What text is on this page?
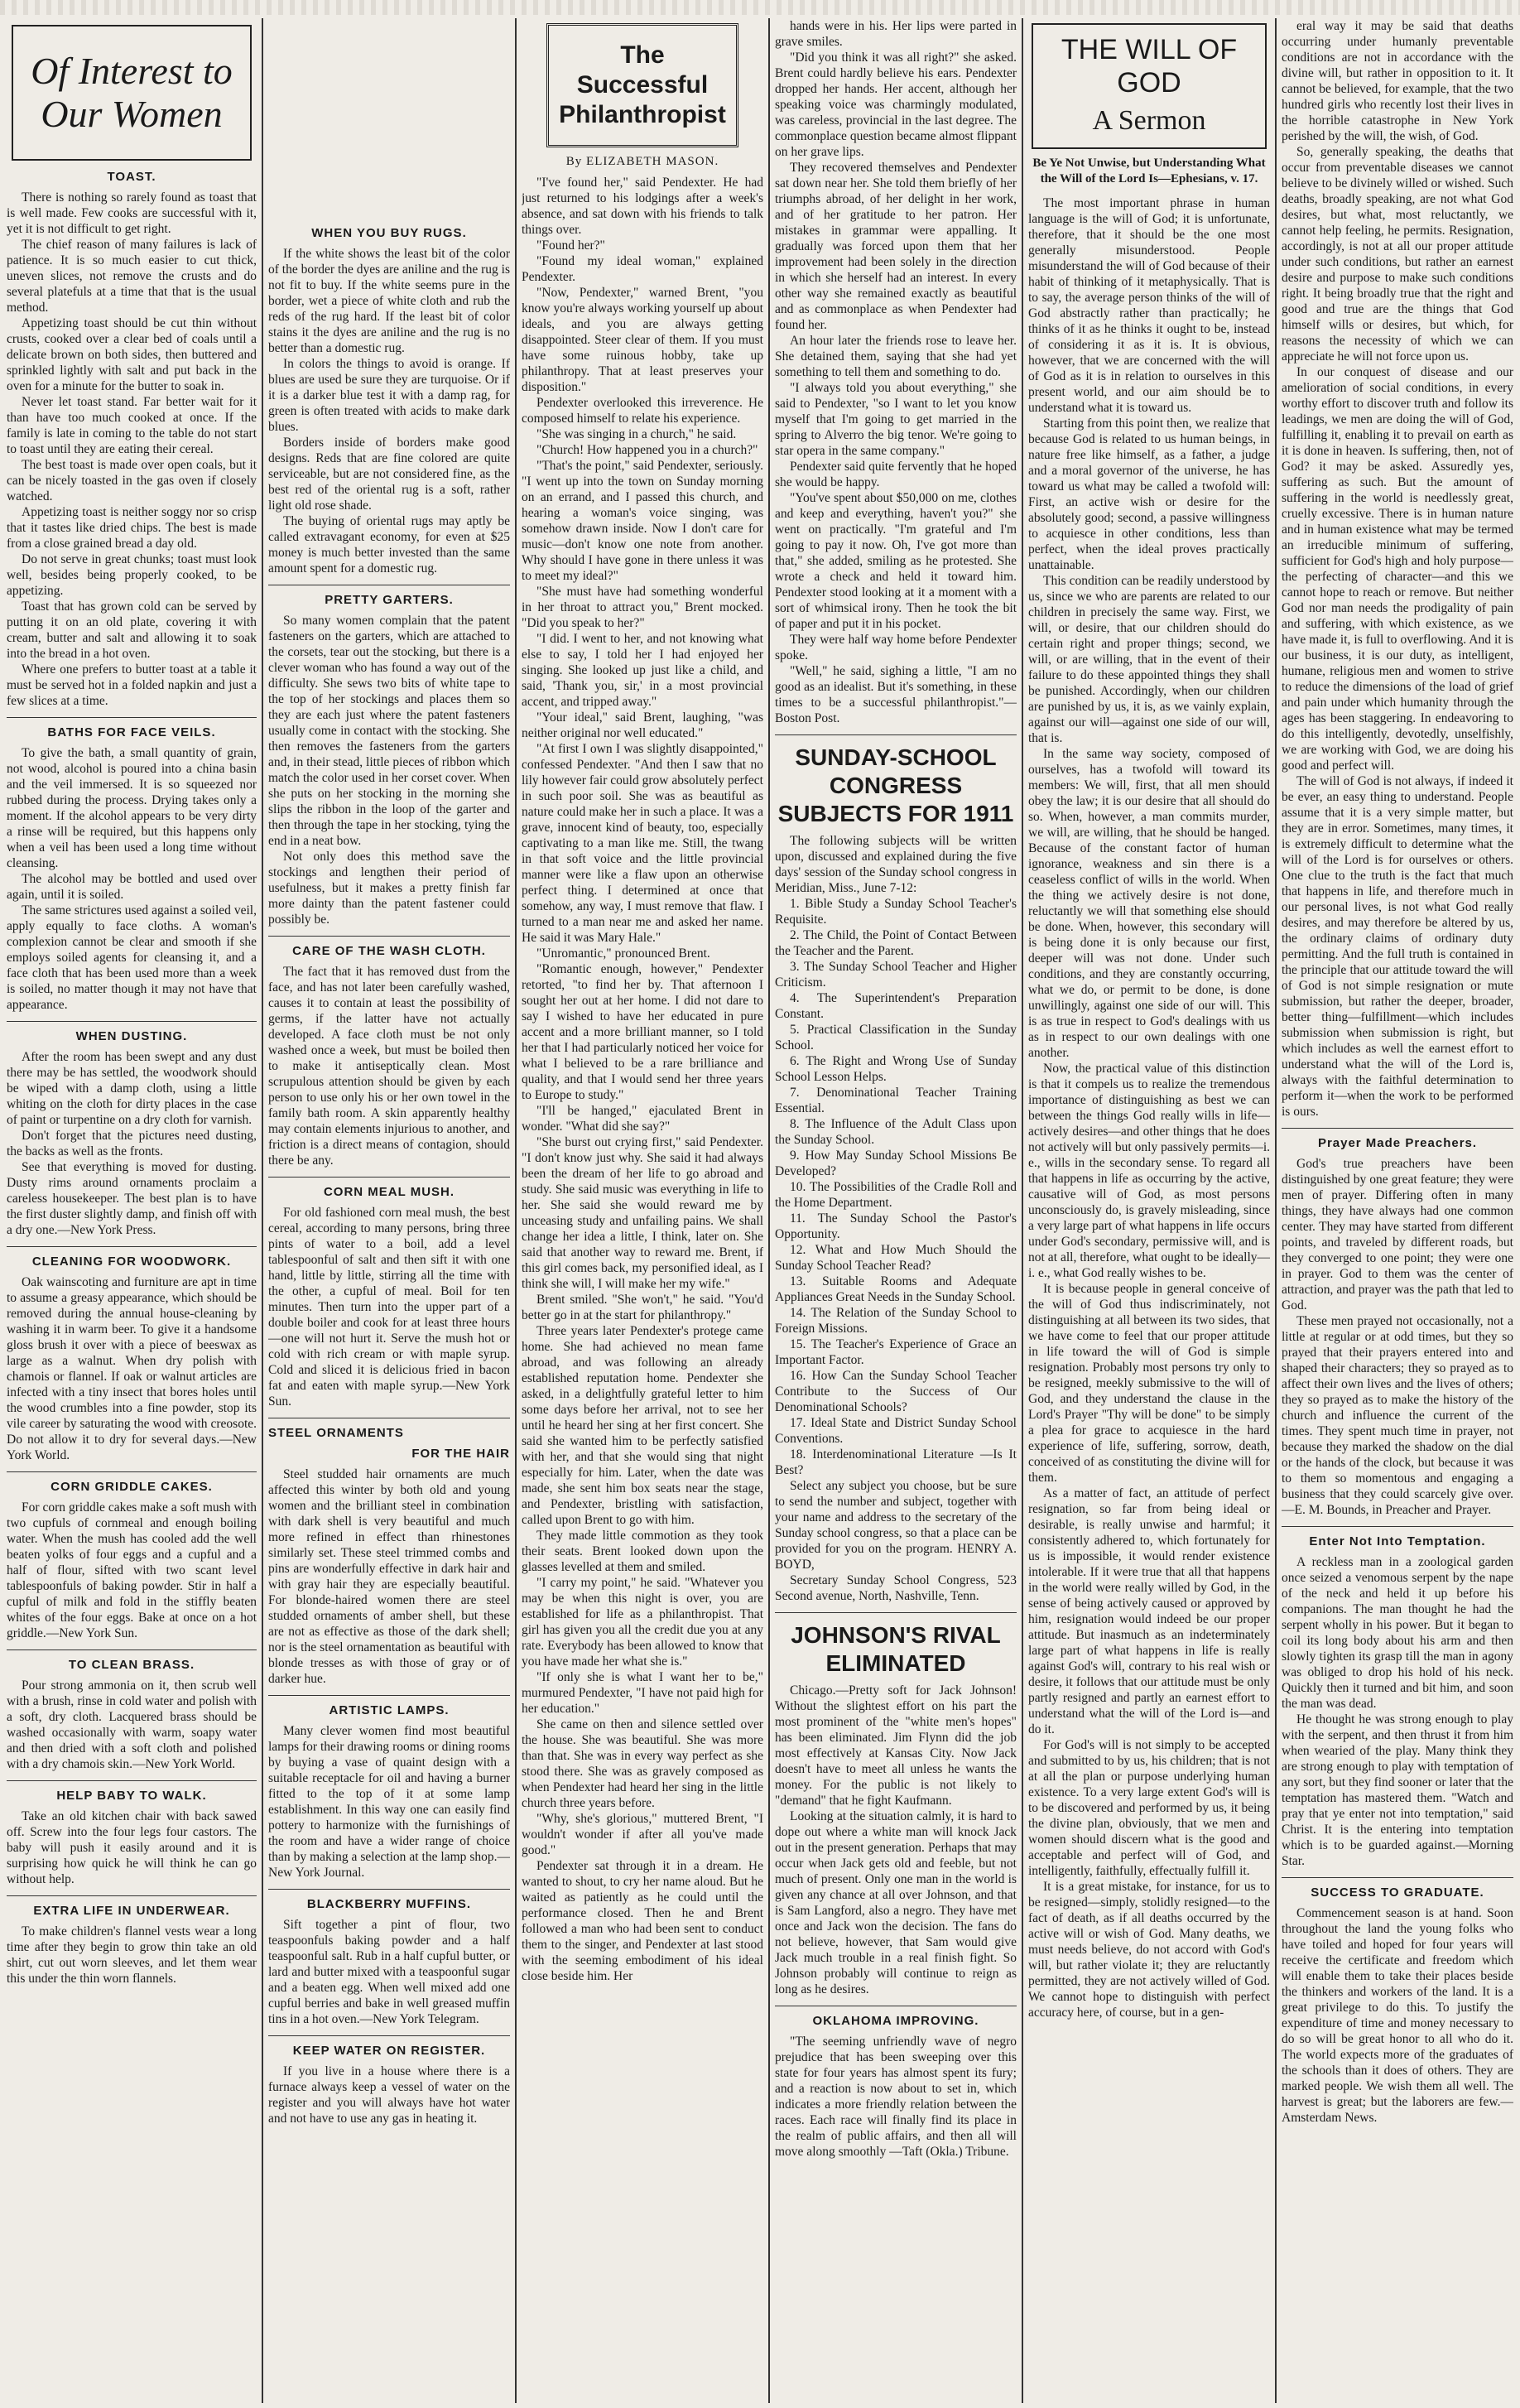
Of Interest to Our Women
TOAST.

There is nothing so rarely found as toast that is well made. Few cooks are successful with it, yet it is not difficult to get right.

The chief reason of many failures is lack of patience. It is so much easier to cut thick, uneven slices, not remove the crusts and do several platefuls at a time that that is the usual method.

Appetizing toast should be cut thin without crusts, cooked over a clear bed of coals until a delicate brown on both sides, then buttered and sprinkled lightly with salt and put back in the oven for a minute for the butter to soak in.

Never let toast stand. Far better wait for it than have too much cooked at once. If the family is late in coming to the table do not start to toast until they are eating their cereal.

The best toast is made over open coals, but it can be nicely toasted in the gas oven if closely watched.

Appetizing toast is neither soggy nor so crisp that it tastes like dried chips. The best is made from a close grained bread a day old.

Do not serve in great chunks; toast must look well, besides being properly cooked, to be appetizing.

Toast that has grown cold can be served by putting it on an old plate, covering it with cream, butter and salt and allowing it to soak into the bread in a hot oven.

Where one prefers to butter toast at a table it must be served hot in a folded napkin and just a few slices at a time.

BATHS FOR FACE VEILS.

To give the bath, a small quantity of grain, not wood, alcohol is poured into a china basin and the veil immersed. It is so squeezed nor rubbed during the process. Drying takes only a moment. If the alcohol appears to be very dirty a rinse will be required, but this happens only when a veil has been used a long time without cleansing.

The alcohol may be bottled and used over again, until it is soiled.

The same strictures used against a soiled veil, apply equally to face cloths. A woman's complexion cannot be clear and smooth if she employs soiled agents for cleansing it, and a face cloth that has been used more than a week is soiled, no matter though it may not have that appearance.

WHEN DUSTING.

After the room has been swept and any dust there may be has settled, the woodwork should be wiped with a damp cloth, using a little whiting on the cloth for dirty places in the case of paint or turpentine on a dry cloth for varnish.

Don't forget that the pictures need dusting, the backs as well as the fronts.

See that everything is moved for dusting. Dusty rims around ornaments proclaim a careless housekeeper. The best plan is to have the first duster slightly damp, and finish off with a dry one.—New York Press.

CLEANING FOR WOODWORK.

Oak wainscoting and furniture are apt in time to assume a greasy appearance, which should be removed during the annual house-cleaning by washing it in warm beer. To give it a handsome gloss brush it over with a piece of beeswax as large as a walnut. When dry polish with chamois or flannel. If oak or walnut articles are infected with a tiny insect that bores holes until the wood crumbles into a fine powder, stop its vile career by saturating the wood with creosote. Do not allow it to dry for several days.—New York World.

CORN GRIDDLE CAKES.

For corn griddle cakes make a soft mush with two cupfuls of cornmeal and enough boiling water. When the mush has cooled add the well beaten yolks of four eggs and a cupful and a half of flour, sifted with two scant level tablespoonfuls of baking powder. Stir in half a cupful of milk and fold in the stiffly beaten whites of the four eggs. Bake at once on a hot griddle.—New York Sun.

TO CLEAN BRASS.

Pour strong ammonia on it, then scrub well with a brush, rinse in cold water and polish with a soft, dry cloth. Lacquered brass should be washed occasionally with warm, soapy water and then dried with a soft cloth and polished with a dry chamois skin.—New York World.

HELP BABY TO WALK.

Take an old kitchen chair with back sawed off. Screw into the four legs four castors. The baby will push it easily around and it is surprising how quick he will think he can go without help.

EXTRA LIFE IN UNDERWEAR.

To make children's flannel vests wear a long time after they begin to grow thin take an old shirt, cut out worn sleeves, and let them wear this under the thin worn flannels.

WHEN YOU BUY RUGS.

If the white shows the least bit of the color of the border the dyes are aniline and the rug is not fit to buy. If the white seems pure in the border, wet a piece of white cloth and rub the reds of the rug hard. If the least bit of color stains it the dyes are aniline and the rug is no better than a domestic rug.

In colors the things to avoid is orange. If blues are used be sure they are turquoise. Or if it is a darker blue test it with a damp rag, for green is often treated with acids to make dark blues.

Borders inside of borders make good designs. Reds that are fine colored are quite serviceable, but are not considered fine, as the best red of the oriental rug is a soft, rather light old rose shade.

The buying of oriental rugs may aptly be called extravagant economy, for even at $25 money is much better invested than the same amount spent for a domestic rug.

PRETTY GARTERS.

So many women complain that the patent fasteners on the garters, which are attached to the corsets, tear out the stocking, but there is a clever woman who has found a way out of the difficulty. She sews two bits of white tape to the top of her stockings and places them so they are each just where the patent fasteners usually come in contact with the stocking. She then removes the fasteners from the garters and, in their stead, little pieces of ribbon which match the color used in her corset cover. When she puts on her stocking in the morning she slips the ribbon in the loop of the garter and then through the tape in her stocking, tying the end in a neat bow.

Not only does this method save the stockings and lengthen their period of usefulness, but it makes a pretty finish far more dainty than the patent fastener could possibly be.

CARE OF THE WASH CLOTH.

The fact that it has removed dust from the face, and has not later been carefully washed, causes it to contain at least the possibility of germs, if the latter have not actually developed. A face cloth must be not only washed once a week, but must be boiled then to make it antiseptically clean. Most scrupulous attention should be given by each person to use only his or her own towel in the family bath room. A skin apparently healthy may contain elements injurious to another, and friction is a direct means of contagion, should there be any.

CORN MEAL MUSH.

For old fashioned corn meal mush, the best cereal, according to many persons, bring three pints of water to a boil, add a level tablespoonful of salt and then sift it with one hand, little by little, stirring all the time with the other, a cupful of meal. Boil for ten minutes. Then turn into the upper part of a double boiler and cook for at least three hours—one will not hurt it. Serve the mush hot or cold with rich cream or with maple syrup. Cold and sliced it is delicious fried in bacon fat and eaten with maple syrup.—New York Sun.

STEEL ORNAMENTS
FOR THE HAIR

Steel studded hair ornaments are much affected this winter by both old and young women and the brilliant steel in combination with dark shell is very beautiful and much more refined in effect than rhinestones similarly set. These steel trimmed combs and pins are wonderfully effective in dark hair and with gray hair they are especially beautiful. For blonde-haired women there are steel studded ornaments of amber shell, but these are not as effective as those of the dark shell; nor is the steel ornamentation as beautiful with blonde tresses as with those of gray or of darker hue.

ARTISTIC LAMPS.

Many clever women find most beautiful lamps for their drawing rooms or dining rooms by buying a vase of quaint design with a suitable receptacle for oil and having a burner fitted to the top of it at some lamp establishment. In this way one can easily find pottery to harmonize with the furnishings of the room and have a wider range of choice than by making a selection at the lamp shop.—New York Journal.

BLACKBERRY MUFFINS.

Sift together a pint of flour, two teaspoonfuls baking powder and a half teaspoonful salt. Rub in a half cupful butter, or lard and butter mixed with a teaspoonful sugar and a beaten egg. When well mixed add one cupful berries and bake in well greased muffin tins in a hot oven.—New York Telegram.

KEEP WATER ON REGISTER.

If you live in a house where there is a furnace always keep a vessel of water on the register and you will always have hot water and not have to use any gas in heating it.

The Successful Philanthropist
By ELIZABETH MASON.

"I've found her," said Pendexter. He had just returned to his lodgings after a week's absence, and sat down with his friends to talk things over.

"Found her?"

"Found my ideal woman," explained Pendexter.

"Now, Pendexter," warned Brent, "you know you're always working yourself up about ideals, and you are always getting disappointed. Steer clear of them. If you must have some ruinous hobby, take up philanthropy. That at least preserves your disposition."

Pendexter overlooked this irreverence. He composed himself to relate his experience.

"She was singing in a church," he said.

"Church! How happened you in a church?"

"That's the point," said Pendexter, seriously. "I went up into the town on Sunday morning on an errand, and I passed this church, and hearing a woman's voice singing, was somehow drawn inside. Now I don't care for music—don't know one note from another. Why should I have gone in there unless it was to meet my ideal?"

"She must have had something wonderful in her throat to attract you," Brent mocked. "Did you speak to her?"

"I did. I went to her, and not knowing what else to say, I told her I had enjoyed her singing. She looked up just like a child, and said, 'Thank you, sir,' in a most provincial accent, and tripped away."

"Your ideal," said Brent, laughing, "was neither original nor well educated."

"At first I own I was slightly disappointed," confessed Pendexter. "And then I saw that no lily however fair could grow absolutely perfect in such poor soil. She was as beautiful as nature could make her in such a place. It was a grave, innocent kind of beauty, too, especially captivating to a man like me. Still, the twang in that soft voice and the little provincial manner were like a flaw upon an otherwise perfect thing. I determined at once that somehow, any way, I must remove that flaw. I turned to a man near me and asked her name. He said it was Mary Hale."

"Unromantic," pronounced Brent.

"Romantic enough, however," Pendexter retorted, "to find her by. That afternoon I sought her out at her home. I did not dare to say I wished to have her educated in pure accent and a more brilliant manner, so I told her that I had particularly noticed her voice for what I believed to be a rare brilliance and quality, and that I would send her three years to Europe to study."

"I'll be hanged," ejaculated Brent in wonder. "What did she say?"

"She burst out crying first," said Pendexter. "I don't know just why. She said it had always been the dream of her life to go abroad and study. She said music was everything in life to her. She said she would reward me by unceasing study and unfailing pains. We shall change her idea a little, I think, later on. She said that another way to reward me. Brent, if this girl comes back, my personified ideal, as I think she will, I will make her my wife."

Brent smiled. "She won't," he said. "You'd better go in at the start for philanthropy."

Three years later Pendexter's protege came home. She had achieved no mean fame abroad, and was following an already established reputation home. Pendexter she asked, in a delightfully grateful letter to him some days before her arrival, not to see her until he heard her sing at her first concert. She said she wanted him to be perfectly satisfied with her, and that she would sing that night especially for him. Later, when the date was made, she sent him box seats near the stage, and Pendexter, bristling with satisfaction, called upon Brent to go with him.

They made little commotion as they took their seats. Brent looked down upon the glasses levelled at them and smiled.

"I carry my point," he said. "Whatever you may be when this night is over, you are established for life as a philanthropist. That girl has given you all the credit due you at any rate. Everybody has been allowed to know that you have made her what she is."

"If only she is what I want her to be," murmured Pendexter, "I have not paid high for her education."

She came on then and silence settled over the house. She was beautiful. She was more than that. She was in every way perfect as she stood there. She was as gravely composed as when Pendexter had heard her sing in the little church three years before.

"Why, she's glorious," muttered Brent, "I wouldn't wonder if after all you've made good."

Pendexter sat through it in a dream. He wanted to shout, to cry her name aloud. But he waited as patiently as he could until the performance closed. Then he and Brent followed a man who had been sent to conduct them to the singer, and Pendexter at last stood with the seeming embodiment of his ideal close beside him. Her

hands were in his. Her lips were parted in grave smiles.

"Did you think it was all right?" she asked. Brent could hardly believe his ears. Pendexter dropped her hands. Her accent, although her speaking voice was charmingly modulated, was careless, provincial in the last degree. The commonplace question became almost flippant on her grave lips.

They recovered themselves and Pendexter sat down near her. She told them briefly of her triumphs abroad, of her delight in her work, and of her gratitude to her patron. Her mistakes in grammar were appalling. It gradually was forced upon them that her improvement had been solely in the direction in which she herself had an interest. In every other way she remained exactly as beautiful and as commonplace as when Pendexter had found her.

An hour later the friends rose to leave her. She detained them, saying that she had yet something to tell them and something to do.

"I always told you about everything," she said to Pendexter, "so I want to let you know myself that I'm going to get married in the spring to Alverro the big tenor. We're going to star opera in the same company."

Pendexter said quite fervently that he hoped she would be happy.

"You've spent about $50,000 on me, clothes and keep and everything, haven't you?" she went on practically. "I'm grateful and I'm going to pay it now. Oh, I've got more than that," she added, smiling as he protested. She wrote a check and held it toward him. Pendexter stood looking at it a moment with a sort of whimsical irony. Then he took the bit of paper and put it in his pocket.

They were half way home before Pendexter spoke.

"Well," he said, sighing a little, "I am no good as an idealist. But it's something, in these times to be a successful philanthropist."—Boston Post.

SUNDAY-SCHOOL CONGRESS SUBJECTS FOR 1911

The following subjects will be written upon, discussed and explained during the five days' session of the Sunday school congress in Meridian, Miss., June 7-12:

1. Bible Study a Sunday School Teacher's Requisite.

2. The Child, the Point of Contact Between the Teacher and the Parent.

3. The Sunday School Teacher and Higher Criticism.

4. The Superintendent's Preparation Constant.

5. Practical Classification in the Sunday School.

6. The Right and Wrong Use of Sunday School Lesson Helps.

7. Denominational Teacher Training Essential.

8. The Influence of the Adult Class upon the Sunday School.

9. How May Sunday School Missions Be Developed?

10. The Possibilities of the Cradle Roll and the Home Department.

11. The Sunday School the Pastor's Opportunity.

12. What and How Much Should the Sunday School Teacher Read?

13. Suitable Rooms and Adequate Appliances Great Needs in the Sunday School.

14. The Relation of the Sunday School to Foreign Missions.

15. The Teacher's Experience of Grace an Important Factor.

16. How Can the Sunday School Teacher Contribute to the Success of Our Denominational Schools?

17. Ideal State and District Sunday School Conventions.

18. Interdenominational Literature —Is It Best?

Select any subject you choose, but be sure to send the number and subject, together with your name and address to the secretary of the Sunday school congress, so that a place can be provided for you on the program. HENRY A. BOYD,

Secretary Sunday School Congress, 523 Second avenue, North, Nashville, Tenn.

JOHNSON'S RIVAL ELIMINATED

Chicago.—Pretty soft for Jack Johnson! Without the slightest effort on his part the most prominent of the "white men's hopes" has been eliminated. Jim Flynn did the job most effectively at Kansas City. Now Jack doesn't have to meet all unless he wants the money. For the public is not likely to "demand" that he fight Kaufmann.

Looking at the situation calmly, it is hard to dope out where a white man will knock Jack out in the present generation. Perhaps that may occur when Jack gets old and feeble, but not much of present. Only one man in the world is given any chance at all over Johnson, and that is Sam Langford, also a negro. They have met once and Jack won the decision. The fans do not believe, however, that Sam would give Jack much trouble in a real finish fight. So Johnson probably will continue to reign as long as he desires.

OKLAHOMA IMPROVING.

"The seeming unfriendly wave of negro prejudice that has been sweeping over this state for four years has almost spent its fury; and a reaction is now about to set in, which indicates a more friendly relation between the races. Each race will finally find its place in the realm of public affairs, and then all will move along smoothly —Taft (Okla.) Tribune.

THE WILL OF GOD
A Sermon
Be Ye Not Unwise, but Understanding What the Will of the Lord Is—Ephesians, v. 17.

The most important phrase in human language is the will of God; it is unfortunate, therefore, that it should be the one most generally misunderstood. People misunderstand the will of God because of their habit of thinking of it metaphysically. That is to say, the average person thinks of the will of God abstractly rather than practically; he thinks of it as he thinks it ought to be, instead of considering it as it is. It is obvious, however, that we are concerned with the will of God as it is in relation to ourselves in this present world, and our aim should be to understand what it is toward us.

Starting from this point then, we realize that because God is related to us human beings, in nature free like himself, as a father, a judge and a moral governor of the universe, he has toward us what may be called a twofold will: First, an active wish or desire for the absolutely good; second, a passive willingness to acquiesce in other conditions, less than perfect, when the ideal proves practically unattainable.

This condition can be readily understood by us, since we who are parents are related to our children in precisely the same way. First, we will, or desire, that our children should do certain right and proper things; second, we will, or are willing, that in the event of their failure to do these appointed things they shall be punished. Accordingly, when our children are punished by us, it is, as we vainly explain, against our will—against one side of our will, that is.

In the same way society, composed of ourselves, has a twofold will toward its members: We will, first, that all men should obey the law; it is our desire that all should do so. When, however, a man commits murder, we will, are willing, that he should be hanged. Because of the constant factor of human ignorance, weakness and sin there is a ceaseless conflict of wills in the world. When the thing we actively desire is not done, reluctantly we will that something else should be done. When, however, this secondary will is being done it is only because our first, deeper will was not done. Under such conditions, and they are constantly occurring, what we do, or permit to be done, is done unwillingly, against one side of our will. This is as true in respect to God's dealings with us as in respect to our own dealings with one another.

Now, the practical value of this distinction is that it compels us to realize the tremendous importance of distinguishing as best we can between the things God really wills in life—actively desires—and other things that he does not actively will but only passively permits—i. e., wills in the secondary sense. To regard all that happens in life as occurring by the active, causative will of God, as most persons unconsciously do, is gravely misleading, since a very large part of what happens in life occurs under God's secondary, permissive will, and is not at all, therefore, what ought to be ideally—i. e., what God really wishes to be.

It is because people in general conceive of the will of God thus indiscriminately, not distinguishing at all between its two sides, that we have come to feel that our proper attitude in life toward the will of God is simple resignation. Probably most persons try only to be resigned, meekly submissive to the will of God, and they understand the clause in the Lord's Prayer "Thy will be done" to be simply a plea for grace to acquiesce in the hard experience of life, suffering, sorrow, death, conceived of as constituting the divine will for them.

As a matter of fact, an attitude of perfect resignation, so far from being ideal or desirable, is really unwise and harmful; it consistently adhered to, which fortunately for us is impossible, it would render existence intolerable. If it were true that all that happens in the world were really willed by God, in the sense of being actively caused or approved by him, resignation would indeed be our proper attitude. But inasmuch as an indeterminately large part of what happens in life is really against God's will, contrary to his real wish or desire, it follows that our attitude must be only partly resigned and partly an earnest effort to understand what the will of the Lord is—and do it.

For God's will is not simply to be accepted and submitted to by us, his children; that is not at all the plan or purpose underlying human existence. To a very large extent God's will is to be discovered and performed by us, it being the divine plan, obviously, that we men and women should discern what is the good and acceptable and perfect will of God, and intelligently, faithfully, effectually fulfill it.

It is a great mistake, for instance, for us to be resigned—simply, stolidly resigned—to the fact of death, as if all deaths occurred by the active will or wish of God. Many deaths, we must needs believe, do not accord with God's will, but rather violate it; they are reluctantly permitted, they are not actively willed of God. We cannot hope to distinguish with perfect accuracy here, of course, but in a gen-

eral way it may be said that deaths occurring under humanly preventable conditions are not in accordance with the divine will, but rather in opposition to it. It cannot be believed, for example, that the two hundred girls who recently lost their lives in the horrible catastrophe in New York perished by the will, the wish, of God.

So, generally speaking, the deaths that occur from preventable diseases we cannot believe to be divinely willed or wished. Such deaths, broadly speaking, are not what God desires, but what, most reluctantly, we cannot help feeling, he permits. Resignation, accordingly, is not at all our proper attitude under such conditions, but rather an earnest desire and purpose to make such conditions right. It being broadly true that the right and good and true are the things that God himself wills or desires, but which, for reasons the necessity of which we can appreciate he will not force upon us.

In our conquest of disease and our amelioration of social conditions, in every worthy effort to discover truth and follow its leadings, we men are doing the will of God, fulfilling it, enabling it to prevail on earth as it is done in heaven. Is suffering, then, not of God? it may be asked. Assuredly yes, suffering as such. But the amount of suffering in the world is needlessly great, cruelly excessive. There is in human nature and in human existence what may be termed an irreducible minimum of suffering, sufficient for God's high and holy purpose—the perfecting of character—and this we cannot hope to reach or remove. But neither God nor man needs the prodigality of pain and suffering, with which existence, as we have made it, is full to overflowing. And it is our business, it is our duty, as intelligent, humane, religious men and women to strive to reduce the dimensions of the load of grief and pain under which humanity through the ages has been staggering. In endeavoring to do this intelligently, devotedly, unselfishly, we are working with God, we are doing his good and perfect will.

The will of God is not always, if indeed it be ever, an easy thing to understand. People assume that it is a very simple matter, but they are in error. Sometimes, many times, it is extremely difficult to determine what the will of the Lord is for ourselves or others. One clue to the truth is the fact that much that happens in life, and therefore much in our personal lives, is not what God really desires, and may therefore be altered by us, the ordinary claims of ordinary duty permitting. And the full truth is contained in the principle that our attitude toward the will of God is not simple resignation or mute submission, but rather the deeper, broader, better thing—fulfillment—which includes submission when submission is right, but which includes as well the earnest effort to understand what the will of the Lord is, always with the faithful determination to perform it—when the work to be performed is ours.

Prayer Made Preachers.

God's true preachers have been distinguished by one great feature; they were men of prayer. Differing often in many things, they have always had one common center. They may have started from different points, and traveled by different roads, but they converged to one point; they were one in prayer. God to them was the center of attraction, and prayer was the path that led to God.

These men prayed not occasionally, not a little at regular or at odd times, but they so prayed that their prayers entered into and shaped their characters; they so prayed as to affect their own lives and the lives of others; they so prayed as to make the history of the church and influence the current of the times. They spent much time in prayer, not because they marked the shadow on the dial or the hands of the clock, but because it was to them so momentous and engaging a business that they could scarcely give over.—E. M. Bounds, in Preacher and Prayer.

Enter Not Into Temptation.

A reckless man in a zoological garden once seized a venomous serpent by the nape of the neck and held it up before his companions. The man thought he had the serpent wholly in his power. But it began to coil its long body about his arm and then slowly tighten its grasp till the man in agony was obliged to drop his hold of his neck. Quickly then it turned and bit him, and soon the man was dead.

He thought he was strong enough to play with the serpent, and then thrust it from him when wearied of the play. Many think they are strong enough to play with temptation of any sort, but they find sooner or later that the temptation has mastered them. "Watch and pray that ye enter not into temptation," said Christ. It is the entering into temptation which is to be guarded against.—Morning Star.

SUCCESS TO GRADUATE.

Commencement season is at hand. Soon throughout the land the young folks who have toiled and hoped for four years will receive the certificate and freedom which will enable them to take their places beside the thinkers and workers of the land. It is a great privilege to do this. To justify the expenditure of time and money necessary to do so will be great honor to all who do it. The world expects more of the graduates of the schools than it does of others. They are marked people. We wish them all well. The harvest is great; but the laborers are few.—Amsterdam News.
